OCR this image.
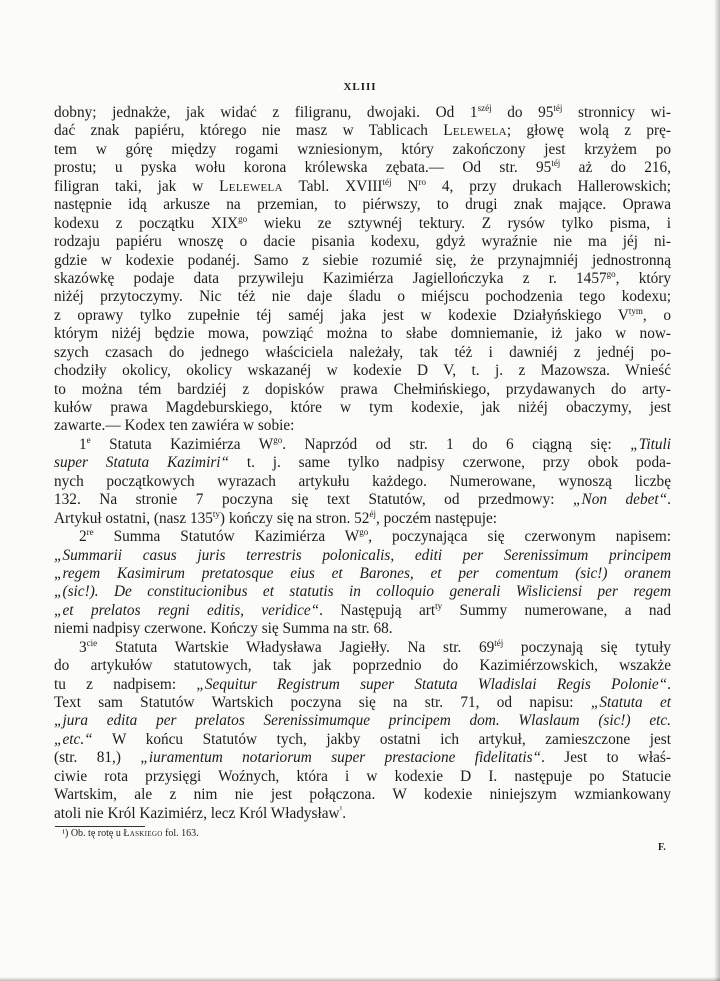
XLIII
dobny; jednakże, jak widać z filigranu, dwojaki. Od $1^{széj}$ do $95^{téj}$ stronnicy wi-
dać znak papiéru, którego nie masz w Tablicach Lelewela; głowę wolą z prę-
tem w górę między rogami wzniesionym, który zakończony jest krzyżem po
prostu; u pyska wołu korona królewska zębata.— Od str. $95^{téj}$ aż do 216,
filigran taki, jak w Lelewela Tabl. $XVIII^{téj}$ $N^{ro}$ 4, przy drukach Hallerowskich;
następnie idą arkusze na przemian, to piérwszy, to drugi znak mające. Oprawa
kodexu z początku $XIX^{go}$ wieku ze sztywnéj tektury. Z rysów tylko pisma, i
rodzaju papiéru wnoszę o dacie pisania kodexu, gdyż wyraźnie nie ma jéj ni-
gdzie w kodexie podanéj. Samo z siebie rozumié się, że przynajmniéj jednostronną
skazówkę podaje data przywileju Kazimiérza Jagiellończyka z r. $1457^{go}$, który
niżéj przytoczymy. Nic téż nie daje śladu o miéjscu pochodzenia tego kodexu;
z oprawy tylko zupełnie téj saméj jaka jest w kodexie Działyńskiego $V^{tym}$, o
którym niżéj będzie mowa, powziąć można to słabe domniemanie, iż jako w now-
szych czasach do jednego właściciela należały, tak téż i dawniéj z jednéj po-
chodziły okolicy, okolicy wskazanéj w kodexie D V, t. j. z Mazowsza. Wnieść
to można tém bardziéj z dopisków prawa Chełmińskiego, przydawanych do arty-
kułów prawa Magdeburskiego, które w tym kodexie, jak niżéj obaczymy, jest
zawarte.— Kodex ten zawiéra w sobie:
1e Statuta Kazimiérza $W^{go}$. Naprzód od str. 1 do 6 ciągną się: „Tituli
super Statuta Kazimiri“ t. j. same tylko nadpisy czerwone, przy obok poda-
nych początkowych wyrazach artykułu każdego. Numerowane, wynoszą liczbę
132. Na stronie 7 poczyna się text Statutów, od przedmowy: „Non debet“.
Artykuł ostatni, (nasz $135^{ty}$) kończy się na stron. $52^{éj}$, poczém następuje:
2re Summa Statutów Kazimiérza $W^{go}$, poczynająca się czerwonym napisem:
„Summarii casus juris terrestris polonicalis, editi per Serenissimum principem
„regem Kasimirum pretatosque eius et Barones, et per comentum (sic!) oranem
„(sic!). De constitucionibus et statutis in colloquio generali Wisliciensi per regem
„et prelatos regni editis, veridice“. Następują art$^{ty}$ Summy numerowane, a nad
niemi nadpisy czerwone. Kończy się Summa na str. 68.
$3^{cie}$ Statuta Wartskie Władysława Jagiełły. Na str. $69^{téj}$ poczynają się tytuły
do artykułów statutowych, tak jak poprzednio do Kazimiérzowskich, wszakże
tu z nadpisem: „Sequitur Registrum super Statuta Wladislai Regis Polonie“.
Text sam Statutów Wartskich poczyna się na str. 71, od napisu: „Statuta et
„jura edita per prelatos Serenissimumque principem dom. Wlaslaum (sic!) etc.
„etc.“ W końcu Statutów tych, jakby ostatni ich artykuł, zamieszczone jest
(str. 81,) „iuramentum notariorum super prestacione fidelitatis“. Jest to właś-
ciwie rota przysięgi Woźnych, która i w kodexie D I. następuje po Statucie
Wartskim, ale z nim nie jest połączona. W kodexie niniejszym wzmiankowany
atoli nie Król Kazimiérz, lecz Król Władysław$^{^1}$.
¹) Ob. tę rotę u Łaskiego fol. 163.
F.
